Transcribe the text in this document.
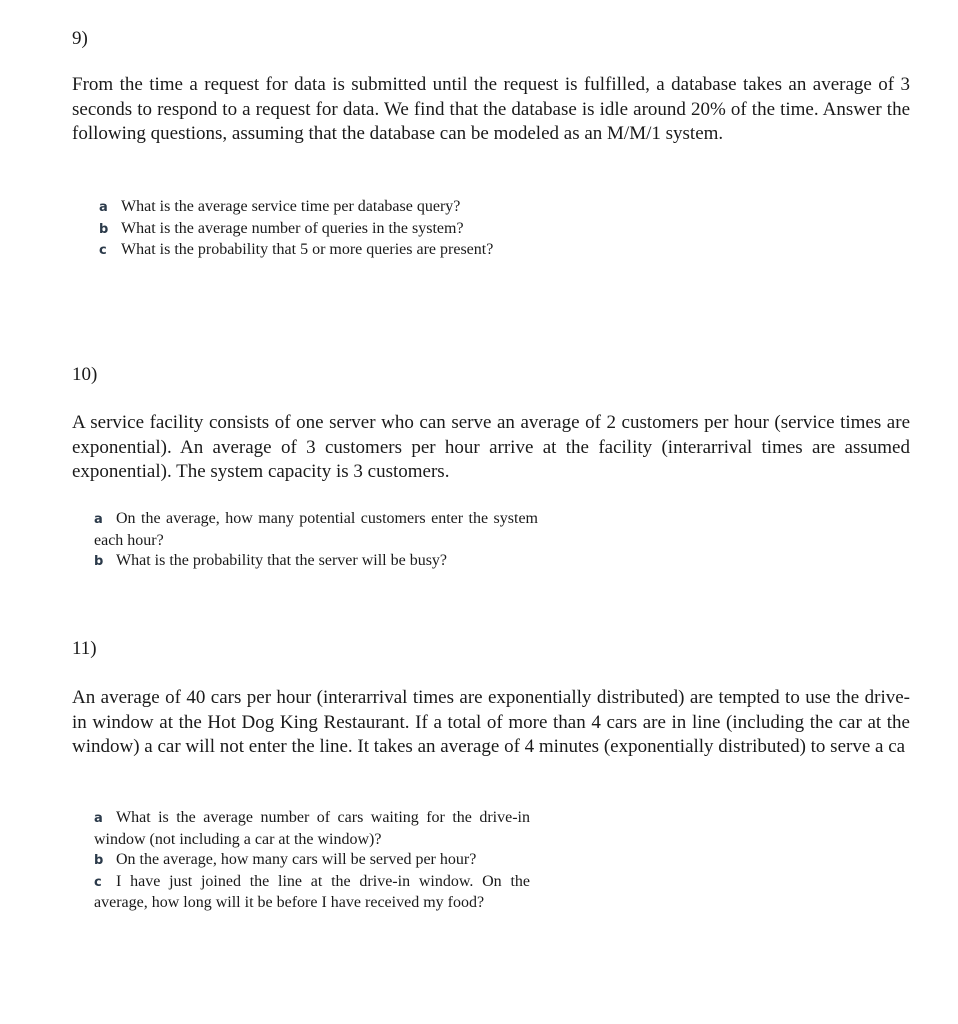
9)

From the time a request for data is submitted until the request is fulfilled, a database takes an average of 3 seconds to respond to a request for data. We find that the database is idle around 20% of the time. Answer the following questions, assuming that the database can be modeled as an M/M/1 system.

a What is the average service time per database query?

b What is the average number of queries in the system?

c What is the probability that 5 or more queries are present?

10)

A service facility consists of one server who can serve an average of 2 customers per hour (service times are exponential). An average of 3 customers per hour arrive at the facility (interarrival times are assumed exponential). The system capacity is 3 customers.

a On the average, how many potential customers enter the system each hour?

b What is the probability that the server will be busy?

11)

An average of 40 cars per hour (interarrival times are exponentially distributed) are tempted to use the drive-in window at the Hot Dog King Restaurant. If a total of more than 4 cars are in line (including the car at the window) a car will not enter the line. It takes an average of 4 minutes (exponentially distributed) to serve a ca

a What is the average number of cars waiting for the drive-in window (not including a car at the window)?

b On the average, how many cars will be served per hour?

c I have just joined the line at the drive-in window. On the average, how long will it be before I have received my food?
